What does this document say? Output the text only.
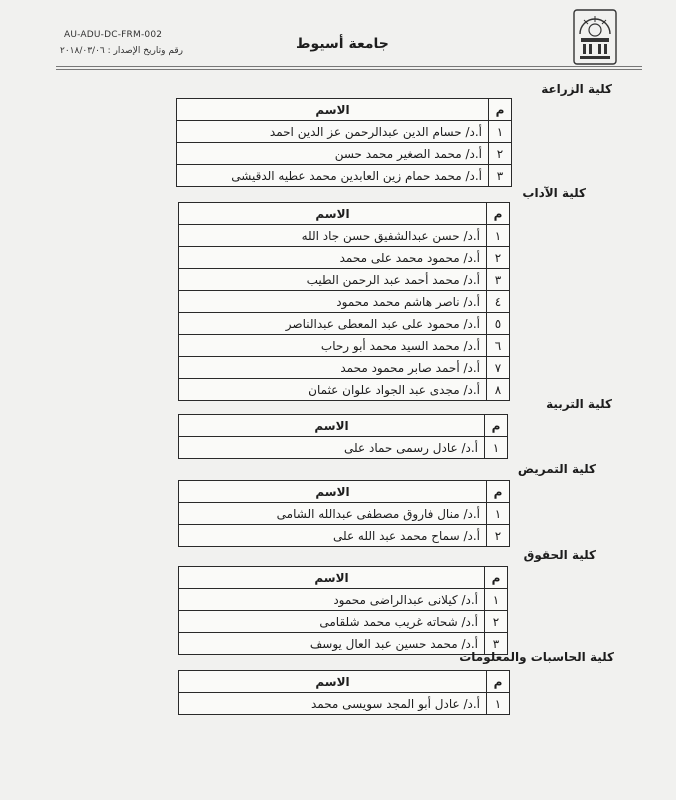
AU-ADU-DC-FRM-002
رقم وتاريخ الإصدار : ٢٠١٨/٠٣/٠٦	جامعة أسيوط
كلية الزراعة
م	الاسم
١	أ.د/ حسام الدين عبدالرحمن عز الدين احمد
٢	أ.د/ محمد الصغير محمد حسن
٣	أ.د/ محمد حمام زين العابدين محمد عطيه الدقيشى
كلية الآداب
م	الاسم
١	أ.د/ حسن عبدالشفيق حسن جاد الله
٢	أ.د/ محمود محمد على محمد
٣	أ.د/ محمد أحمد عبد الرحمن الطيب
٤	أ.د/ ناصر هاشم محمد محمود
٥	أ.د/ محمود على عبد المعطى عبدالناصر
٦	أ.د/ محمد السيد محمد أبو رحاب
٧	أ.د/ أحمد صابر محمود محمد
٨	أ.د/ مجدى عبد الجواد علوان عثمان
كلية التربية
م	الاسم
١	أ.د/ عادل رسمى حماد على
كلية التمريض
م	الاسم
١	أ.د/ منال فاروق مصطفى عبدالله الشامى
٢	أ.د/ سماح محمد عبد الله على
كلية الحقوق
م	الاسم
١	أ.د/ كيلانى عبدالراضى محمود
٢	أ.د/ شحاته غريب محمد شلقامى
٣	أ.د/ محمد حسين عبد العال يوسف
كلية الحاسبات والمعلومات
م	الاسم
١	أ.د/ عادل أبو المجد سويسى محمد
